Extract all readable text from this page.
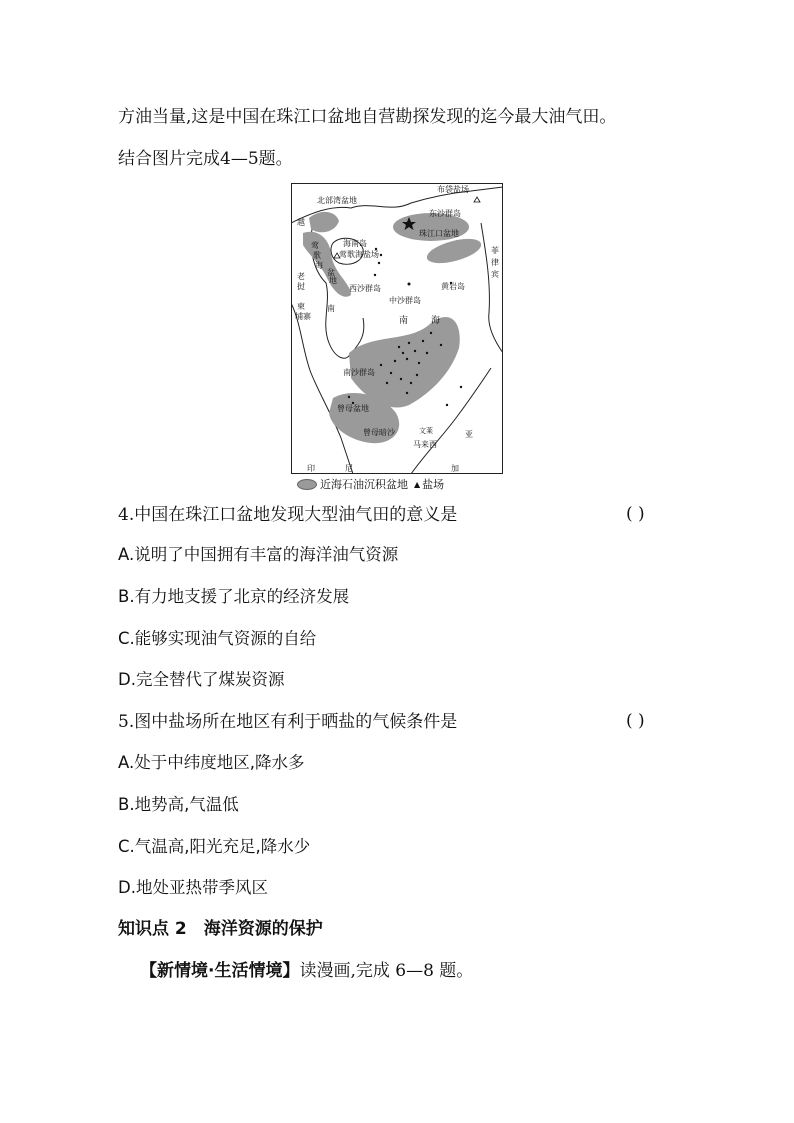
方油当量,这是中国在珠江口盆地自营勘探发现的迄今最大油气田。
结合图片完成4—5题。
布袋盐场
北部湾盆地
东沙群岛
珠江口盆地
越
莺
歌
海
盆
地
海南岛
莺歌海盐场
西沙群岛
中沙群岛
黄岩岛
菲
律
宾
老
挝
柬
埔寨
南
南	海
南沙群岛
曾母盆地
曾母暗沙	文莱
马来西
亚
印	尼	加
近海石油沉积盆地 ▲ 盐场
4.中国在珠江口盆地发现大型油气田的意义是	( )
A.说明了中国拥有丰富的海洋油气资源
B.有力地支援了北京的经济发展
C.能够实现油气资源的自给
D.完全替代了煤炭资源
5.图中盐场所在地区有利于晒盐的气候条件是	( )
A.处于中纬度地区,降水多
B.地势高,气温低
C.气温高,阳光充足,降水少
D.地处亚热带季风区
知识点 2　海洋资源的保护
【新情境·生活情境】读漫画,完成 6—8 题。
